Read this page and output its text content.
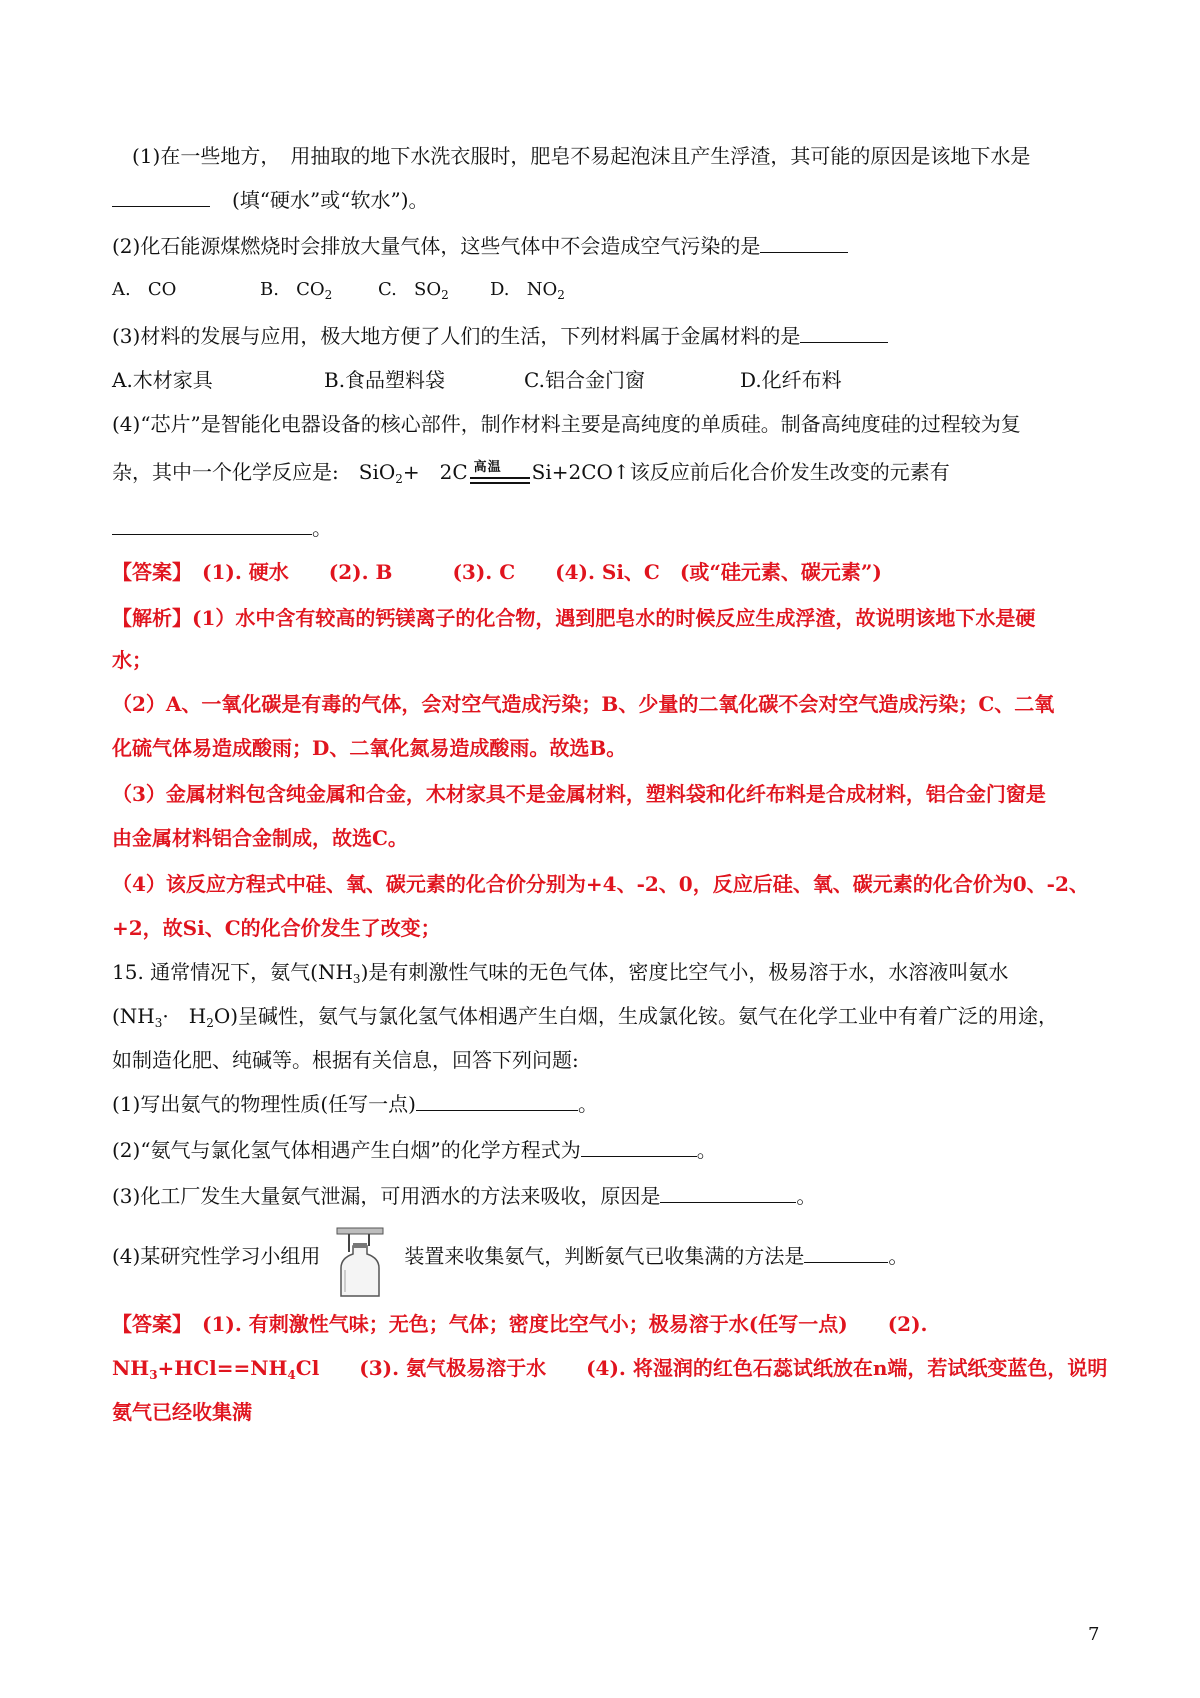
(1)在一些地方，　用抽取的地下水洗衣服时，肥皂不易起泡沫且产生浮渣，其可能的原因是该地下水是
(填“硬水”或“软水”)。
(2)化石能源煤燃烧时会排放大量气体，这些气体中不会造成空气污染的是
A. CO	B. $CO_2$	C. $SO_2$ D. $NO_2$
(3)材料的发展与应用，极大地方便了人们的生活，下列材料属于金属材料的是
A.木材家具	B.食品塑料袋	C.铝合金门窗	D.化纤布料
(4)“芯片”是智能化电器设备的核心部件，制作材料主要是高纯度的单质硅。制备高纯度硅的过程较为复
杂，其中一个化学反应是:　SiO$_2$+　2C 高温 Si+2CO↑该反应前后化合价发生改变的元素有
。
【答案】　(1). 硬水　　(2). B　　　(3). C　　(4). Si、C　(或“硅元素、碳元素”)
【解析】(1）水中含有较高的钙镁离子的化合物，遇到肥皂水的时候反应生成浮渣，故说明该地下水是硬
水；
（2）A、一氧化碳是有毒的气体，会对空气造成污染；B、少量的二氧化碳不会对空气造成污染；C、二氧
化硫气体易造成酸雨；D、二氧化氮易造成酸雨。故选B。
（3）金属材料包含纯金属和合金，木材家具不是金属材料，塑料袋和化纤布料是合成材料，铝合金门窗是
由金属材料铝合金制成，故选C。
（4）该反应方程式中硅、氧、碳元素的化合价分别为+4、-2、0，反应后硅、氧、碳元素的化合价为0、-2、
+2，故Si、C的化合价发生了改变；
15. 通常情况下，氨气$(NH_3)$是有刺激性气味的无色气体，密度比空气小，极易溶于水，水溶液叫氨水
($NH_3\cdot$　$H_2O$)呈碱性，氨气与氯化氢气体相遇产生白烟，生成氯化铵。氨气在化学工业中有着广泛的用途，
如制造化肥、纯碱等。根据有关信息，回答下列问题:
(1)写出氨气的物理性质(任写一点)	。
(2)“氨气与氯化氢气体相遇产生白烟”的化学方程式为	。
(3)化工厂发生大量氨气泄漏，可用洒水的方法来吸收，原因是	。
(4)某研究性学习小组用	装置来收集氨气，判断氨气已收集满的方法是	。
【答案】　(1). 有刺激性气味；无色；气体；密度比空气小；极易溶于水(任写一点)　　(2).
$NH_3+HCl==NH_4Cl$　　(3). 氨气极易溶于水　　(4). 将湿润的红色石蕊试纸放在n端，若试纸变蓝色，说明
氨气已经收集满
7
